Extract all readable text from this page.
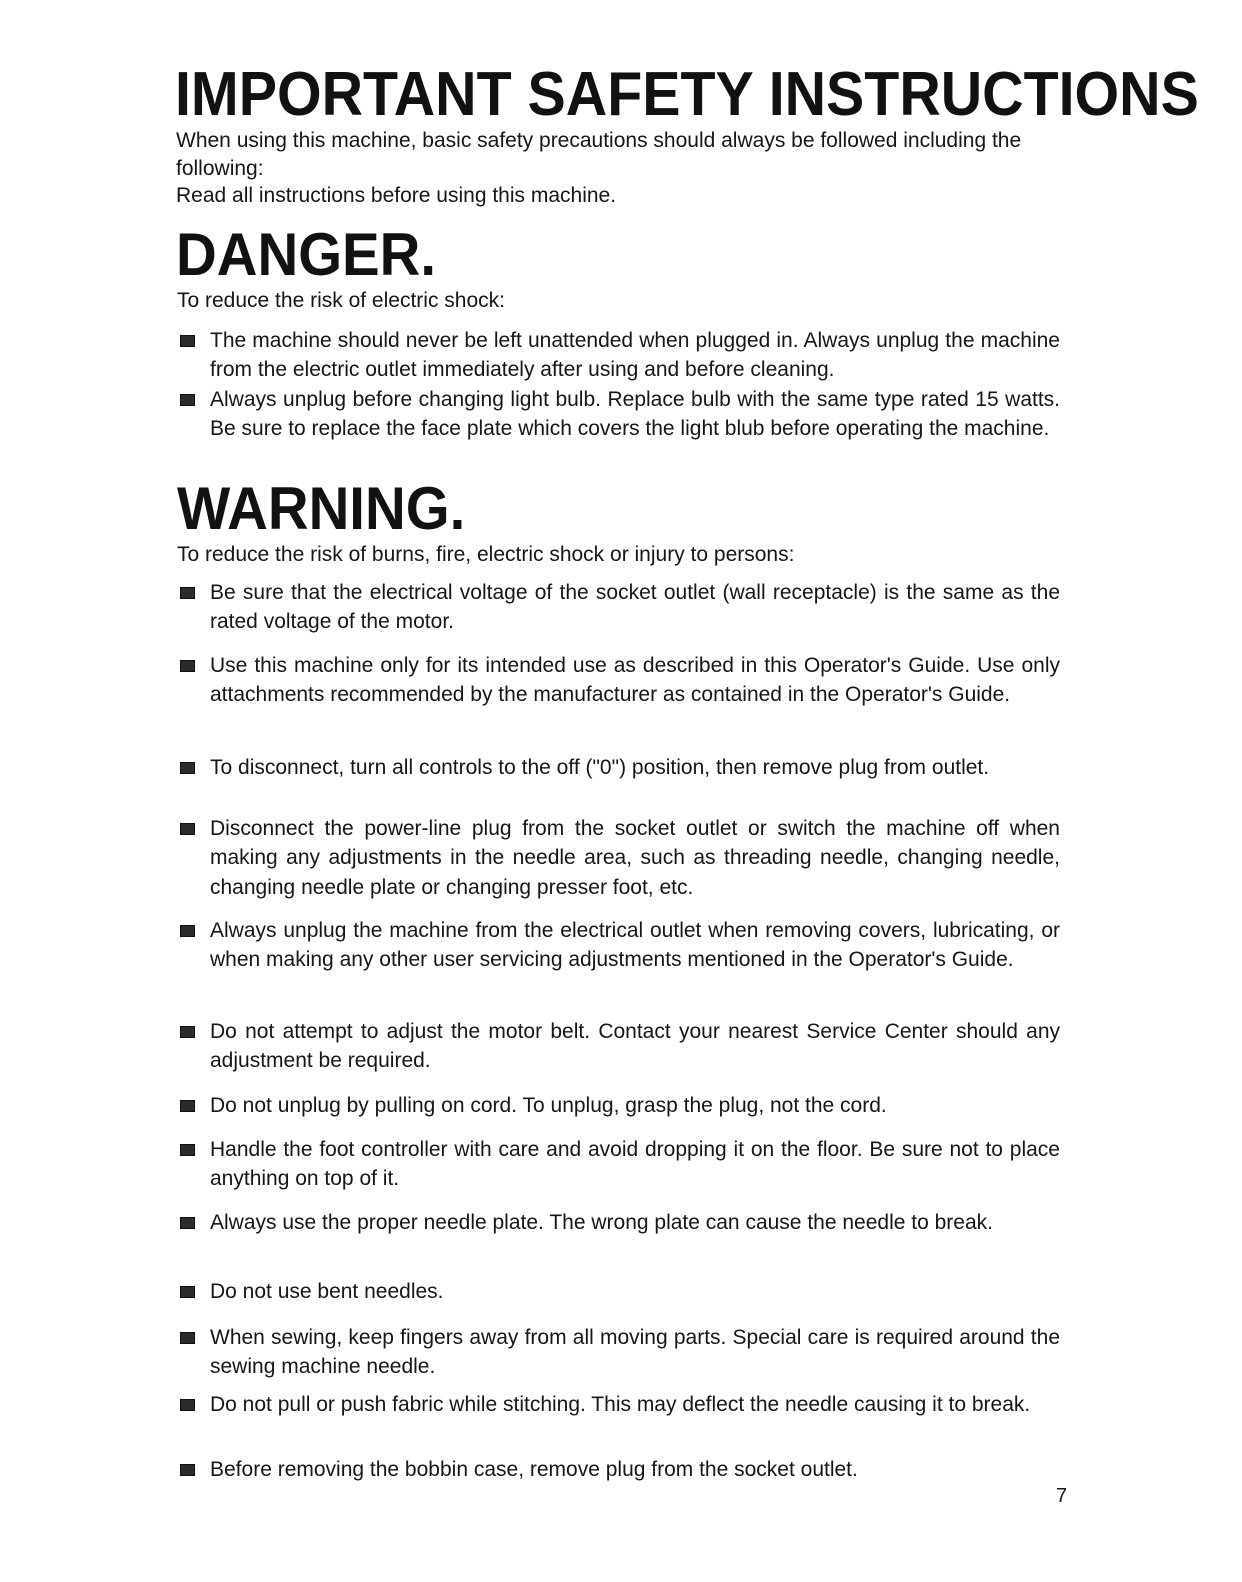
IMPORTANT SAFETY INSTRUCTIONS

When using this machine, basic safety precautions should always be followed including the following:

Read all instructions before using this machine.

DANGER.

To reduce the risk of electric shock:

The machine should never be left unattended when plugged in. Always unplug the machine from the electric outlet immediately after using and before cleaning.
Always unplug before changing light bulb. Replace bulb with the same type rated 15 watts. Be sure to replace the face plate which covers the light blub before operating the machine.
WARNING.

To reduce the risk of burns, fire, electric shock or injury to persons:

Be sure that the electrical voltage of the socket outlet (wall receptacle) is the same as the rated voltage of the motor.
Use this machine only for its intended use as described in this Operator's Guide. Use only attachments recommended by the manufacturer as contained in the Operator's Guide.
To disconnect, turn all controls to the off ("0") position, then remove plug from outlet.
Disconnect the power-line plug from the socket outlet or switch the machine off when making any adjustments in the needle area, such as threading needle, changing needle, changing needle plate or changing presser foot, etc.
Always unplug the machine from the electrical outlet when removing covers, lubricating, or when making any other user servicing adjustments mentioned in the Operator's Guide.
Do not attempt to adjust the motor belt. Contact your nearest Service Center should any adjustment be required.
Do not unplug by pulling on cord. To unplug, grasp the plug, not the cord.
Handle the foot controller with care and avoid dropping it on the floor. Be sure not to place anything on top of it.
Always use the proper needle plate. The wrong plate can cause the needle to break.
Do not use bent needles.
When sewing, keep fingers away from all moving parts. Special care is required around the sewing machine needle.
Do not pull or push fabric while stitching. This may deflect the needle causing it to break.
Before removing the bobbin case, remove plug from the socket outlet.
7
